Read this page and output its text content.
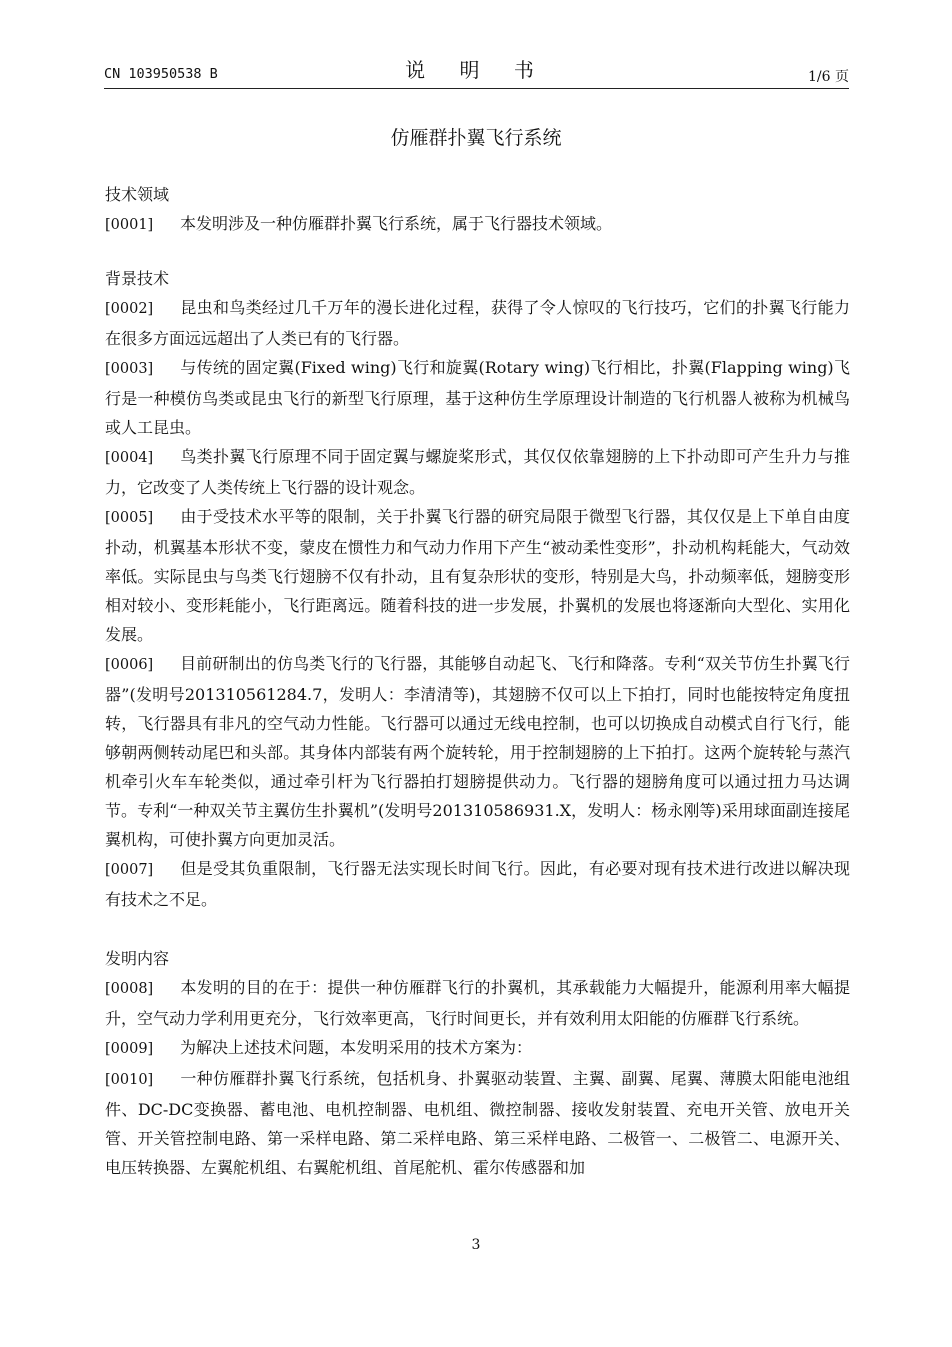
CN 103950538 B	说 明 书	1/6 页
仿雁群扑翼飞行系统
技术领域
[0001] 本发明涉及一种仿雁群扑翼飞行系统，属于飞行器技术领域。
背景技术
[0002] 昆虫和鸟类经过几千万年的漫长进化过程，获得了令人惊叹的飞行技巧，它们的扑翼飞行能力在很多方面远远超出了人类已有的飞行器。
[0003] 与传统的固定翼(Fixed wing)飞行和旋翼(Rotary wing)飞行相比，扑翼(Flapping wing)飞行是一种模仿鸟类或昆虫飞行的新型飞行原理，基于这种仿生学原理设计制造的飞行机器人被称为机械鸟或人工昆虫。
[0004] 鸟类扑翼飞行原理不同于固定翼与螺旋桨形式，其仅仅依靠翅膀的上下扑动即可产生升力与推力，它改变了人类传统上飞行器的设计观念。
[0005] 由于受技术水平等的限制，关于扑翼飞行器的研究局限于微型飞行器，其仅仅是上下单自由度扑动，机翼基本形状不变，蒙皮在惯性力和气动力作用下产生“被动柔性变形”，扑动机构耗能大，气动效率低。实际昆虫与鸟类飞行翅膀不仅有扑动，且有复杂形状的变形，特别是大鸟，扑动频率低，翅膀变形相对较小、变形耗能小，飞行距离远。随着科技的进一步发展，扑翼机的发展也将逐渐向大型化、实用化发展。
[0006] 目前研制出的仿鸟类飞行的飞行器，其能够自动起飞、飞行和降落。专利“双关节仿生扑翼飞行器”(发明号201310561284.7，发明人：李清清等)，其翅膀不仅可以上下拍打，同时也能按特定角度扭转，飞行器具有非凡的空气动力性能。飞行器可以通过无线电控制，也可以切换成自动模式自行飞行，能够朝两侧转动尾巴和头部。其身体内部装有两个旋转轮，用于控制翅膀的上下拍打。这两个旋转轮与蒸汽机牵引火车车轮类似，通过牵引杆为飞行器拍打翅膀提供动力。飞行器的翅膀角度可以通过扭力马达调节。专利“一种双关节主翼仿生扑翼机”(发明号201310586931.X，发明人：杨永刚等)采用球面副连接尾翼机构，可使扑翼方向更加灵活。
[0007] 但是受其负重限制，飞行器无法实现长时间飞行。因此，有必要对现有技术进行改进以解决现有技术之不足。
发明内容
[0008] 本发明的目的在于：提供一种仿雁群飞行的扑翼机，其承载能力大幅提升，能源利用率大幅提升，空气动力学利用更充分，飞行效率更高，飞行时间更长，并有效利用太阳能的仿雁群飞行系统。
[0009] 为解决上述技术问题，本发明采用的技术方案为：
[0010] 一种仿雁群扑翼飞行系统，包括机身、扑翼驱动装置、主翼、副翼、尾翼、薄膜太阳能电池组件、DC-DC变换器、蓄电池、电机控制器、电机组、微控制器、接收发射装置、充电开关管、放电开关管、开关管控制电路、第一采样电路、第二采样电路、第三采样电路、二极管一、二极管二、电源开关、电压转换器、左翼舵机组、右翼舵机组、首尾舵机、霍尔传感器和加
3
